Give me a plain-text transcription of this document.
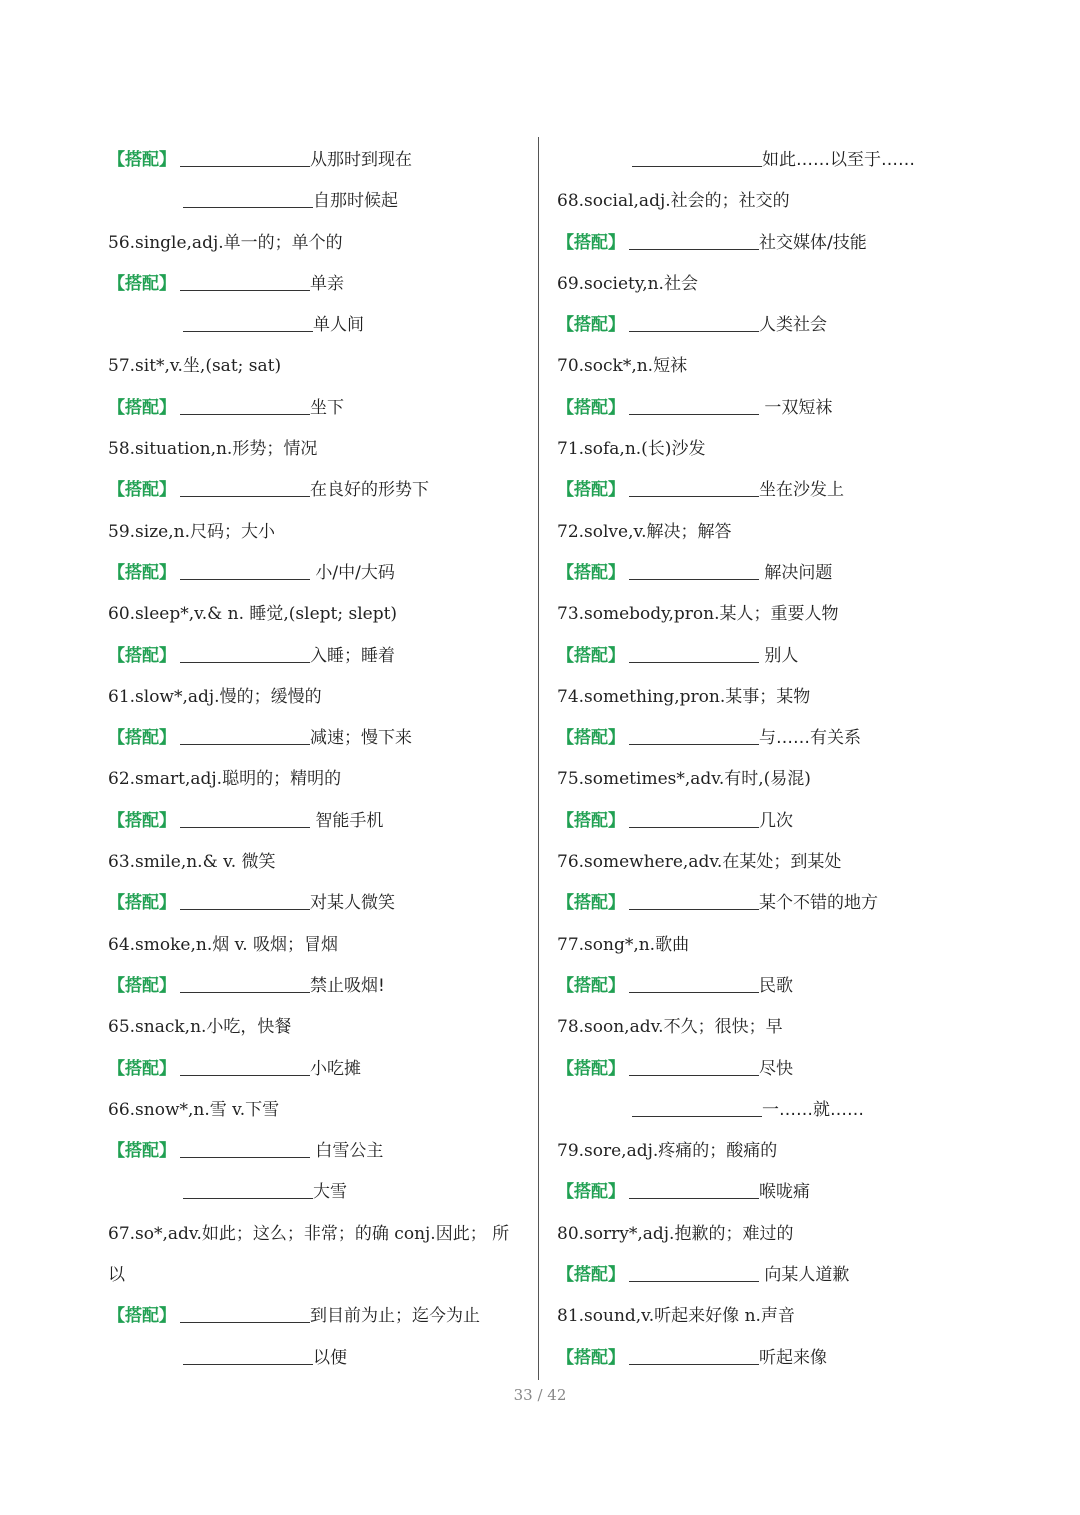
【搭配】	从那时到现在
自那时候起
56.single,adj.单一的；单个的
【搭配】	单亲
单人间
57.sit*,v.坐,(sat; sat)
【搭配】	坐下
58.situation,n.形势；情况
【搭配】	在良好的形势下
59.size,n.尺码；大小
【搭配】	小/中/大码
60.sleep*,v.& n. 睡觉,(slept; slept)
【搭配】	入睡；睡着
61.slow*,adj.慢的；缓慢的
【搭配】	减速；慢下来
62.smart,adj.聪明的；精明的
【搭配】	智能手机
63.smile,n.& v. 微笑
【搭配】	对某人微笑
64.smoke,n.烟 v. 吸烟；冒烟
【搭配】	禁止吸烟!
65.snack,n.小吃，快餐
【搭配】	小吃摊
66.snow*,n.雪 v.下雪
【搭配】	白雪公主
大雪
67.so*,adv.如此；这么；非常；的确 conj.因此； 所
以
【搭配】	到目前为止；迄今为止
以便
如此……以至于……
68.social,adj.社会的；社交的
【搭配】	社交媒体/技能
69.society,n.社会
【搭配】	人类社会
70.sock*,n.短袜
【搭配】	一双短袜
71.sofa,n.(长)沙发
【搭配】	坐在沙发上
72.solve,v.解决；解答
【搭配】	解决问题
73.somebody,pron.某人；重要人物
【搭配】	别人
74.something,pron.某事；某物
【搭配】	与……有关系
75.sometimes*,adv.有时,(易混)
【搭配】	几次
76.somewhere,adv.在某处；到某处
【搭配】	某个不错的地方
77.song*,n.歌曲
【搭配】	民歌
78.soon,adv.不久；很快；早
【搭配】	尽快
一……就……
79.sore,adj.疼痛的；酸痛的
【搭配】	喉咙痛
80.sorry*,adj.抱歉的；难过的
【搭配】	向某人道歉
81.sound,v.听起来好像 n.声音
【搭配】	听起来像
33 / 42
